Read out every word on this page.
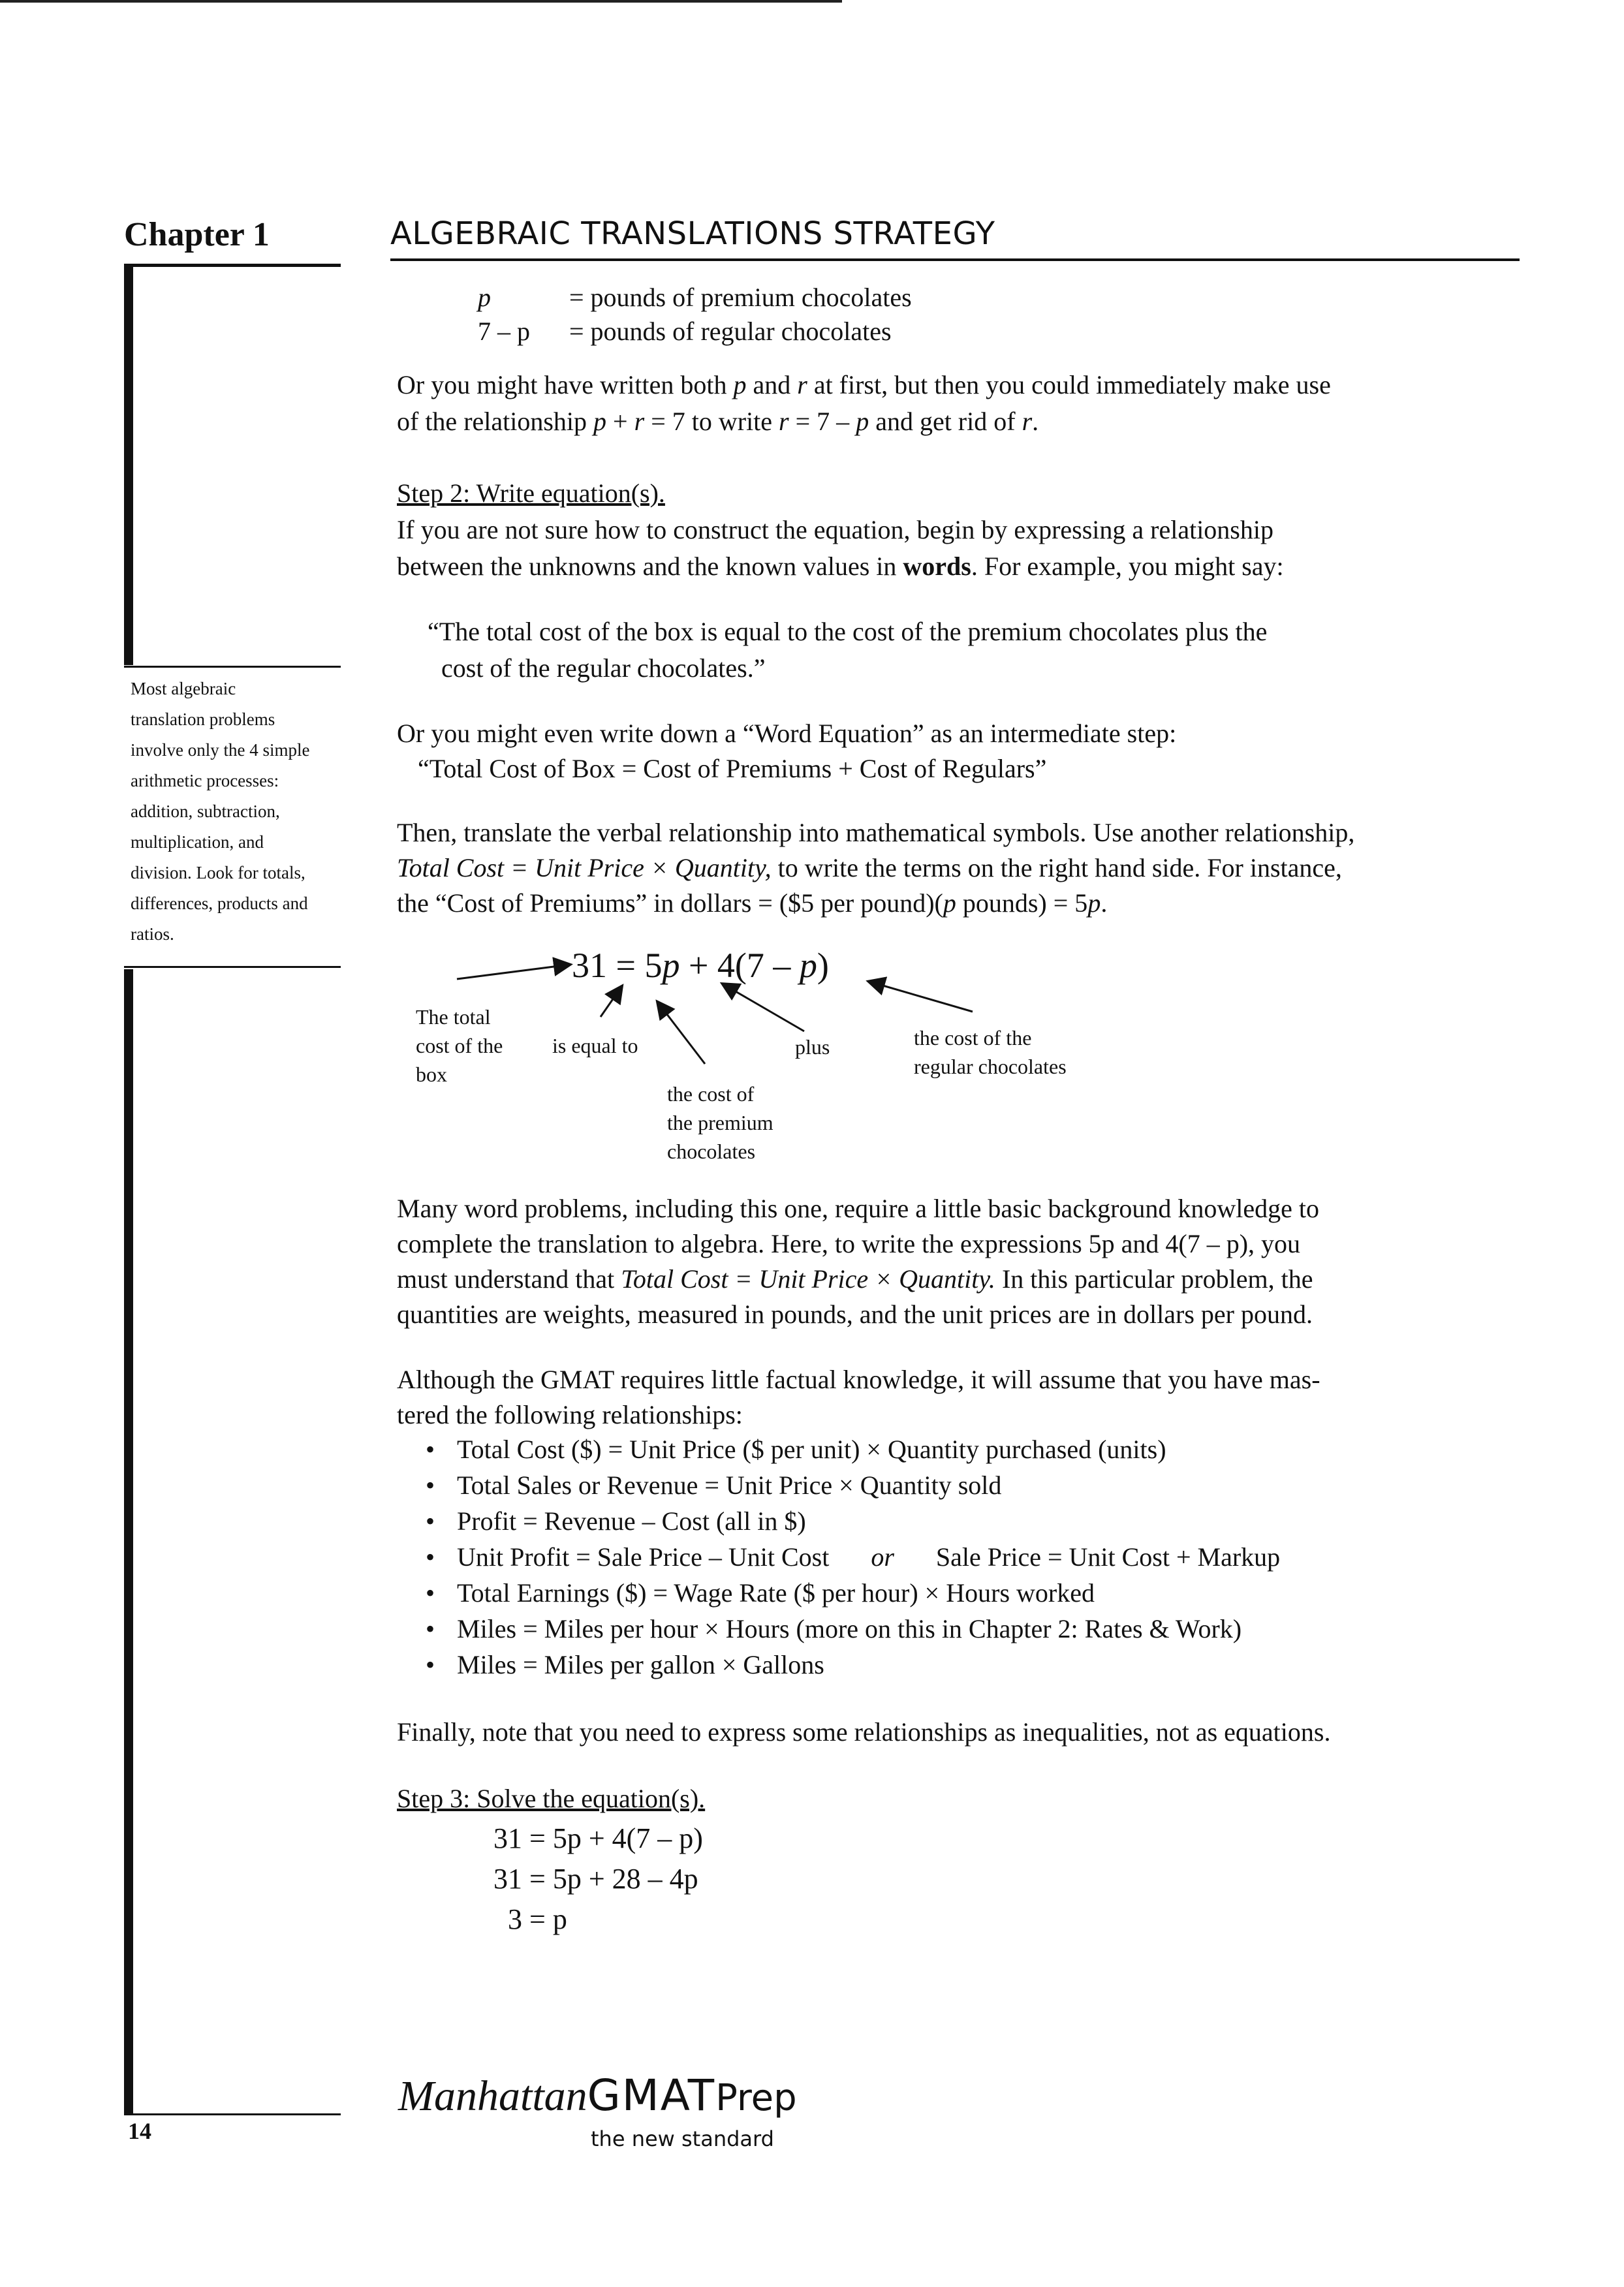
Chapter 1	ALGEBRAIC TRANSLATIONS STRATEGY
Most algebraic
translation problems
involve only the 4 simple
arithmetic processes:
addition, subtraction,
multiplication, and
division. Look for totals,
differences, products and
ratios.
14
p	= pounds of premium chocolates
7 – p = pounds of regular chocolates
Or you might have written both p and r at first, but then you could immediately make use
of the relationship p + r = 7 to write r = 7 – p and get rid of r.
Step 2: Write equation(s).
If you are not sure how to construct the equation, begin by expressing a relationship
between the unknowns and the known values in words. For example, you might say:
“The total cost of the box is equal to the cost of the premium chocolates plus the
cost of the regular chocolates.”
Or you might even write down a “Word Equation” as an intermediate step:
“Total Cost of Box = Cost of Premiums + Cost of Regulars”
Then, translate the verbal relationship into mathematical symbols. Use another relationship,
Total Cost = Unit Price × Quantity, to write the terms on the right hand side. For instance,
the “Cost of Premiums” in dollars = ($5 per pound)(p pounds) = 5p.
31 = 5p + 4(7 – p)
The total
cost of the
box
is equal to	plus
the cost of
the premium
chocolates
the cost of the
regular chocolates
Many word problems, including this one, require a little basic background knowledge to
complete the translation to algebra. Here, to write the expressions 5p and 4(7 – p), you
must understand that Total Cost = Unit Price × Quantity. In this particular problem, the
quantities are weights, measured in pounds, and the unit prices are in dollars per pound.
Although the GMAT requires little factual knowledge, it will assume that you have mas-
tered the following relationships:
• Total Cost ($) = Unit Price ($ per unit) × Quantity purchased (units)
• Total Sales or Revenue = Unit Price × Quantity sold
• Profit = Revenue – Cost (all in $)
• Unit Profit = Sale Price – Unit Cost or Sale Price = Unit Cost + Markup
• Total Earnings ($) = Wage Rate ($ per hour) × Hours worked
• Miles = Miles per hour × Hours (more on this in Chapter 2: Rates & Work)
• Miles = Miles per gallon × Gallons
Finally, note that you need to express some relationships as inequalities, not as equations.
Step 3: Solve the equation(s).
31 = 5p + 4(7 – p)
31 = 5p + 28 – 4p
3 = p
ManhattanGMATPrep
the new standard
